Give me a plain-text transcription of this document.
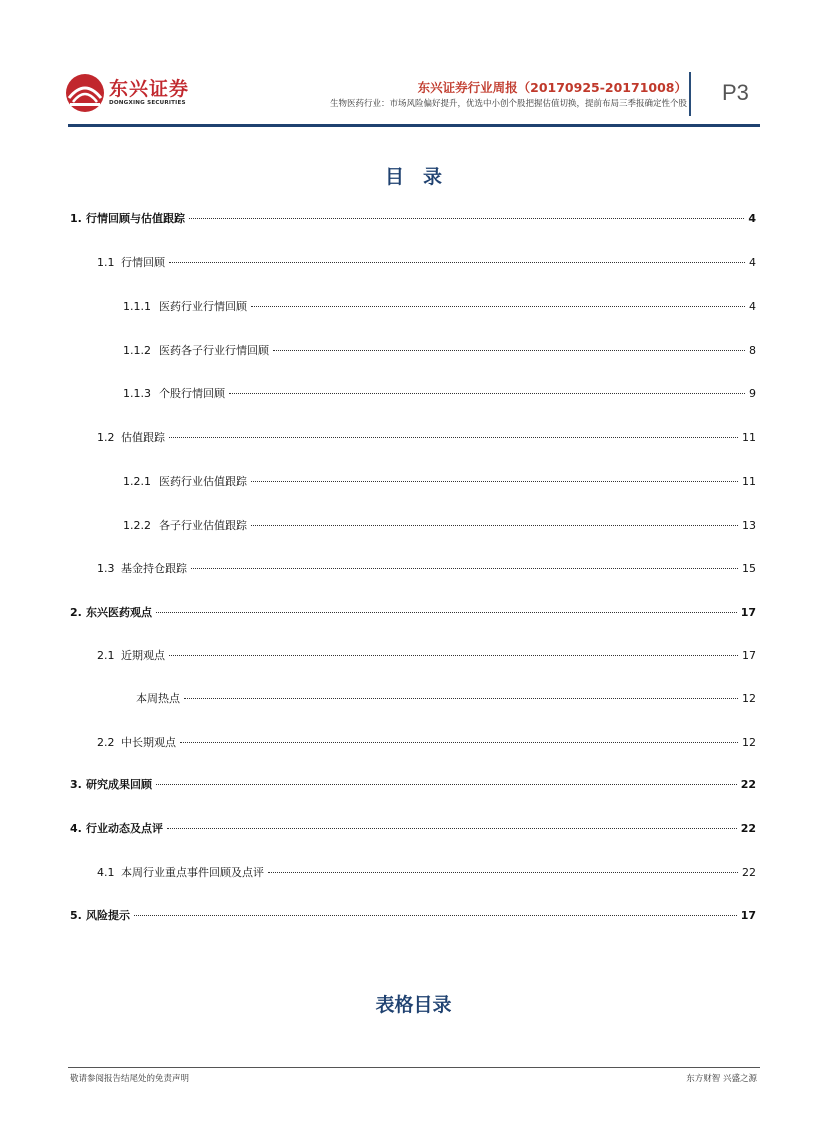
东兴证券
DONGXING SECURITIES
东兴证券行业周报（20170925-20171008）
生物医药行业：市场风险偏好提升，优选中小创个股把握估值切换，提前布局三季报确定性个股 P3
目　录
1. 行情回顾与估值跟踪	4
1.1 行情回顾	4
1.1.1 医药行业行情回顾	4
1.1.2 医药各子行业行情回顾	8
1.1.3 个股行情回顾	9
1.2 估值跟踪	11
1.2.1 医药行业估值跟踪	11
1.2.2 各子行业估值跟踪	13
1.3 基金持仓跟踪	15
2. 东兴医药观点	17
2.1 近期观点	17
本周热点	12
2.2 中长期观点	12
3. 研究成果回顾	22
4. 行业动态及点评	22
4.1 本周行业重点事件回顾及点评	22
5. 风险提示	17
表格目录
敬请参阅报告结尾处的免责声明	东方财智 兴盛之源
